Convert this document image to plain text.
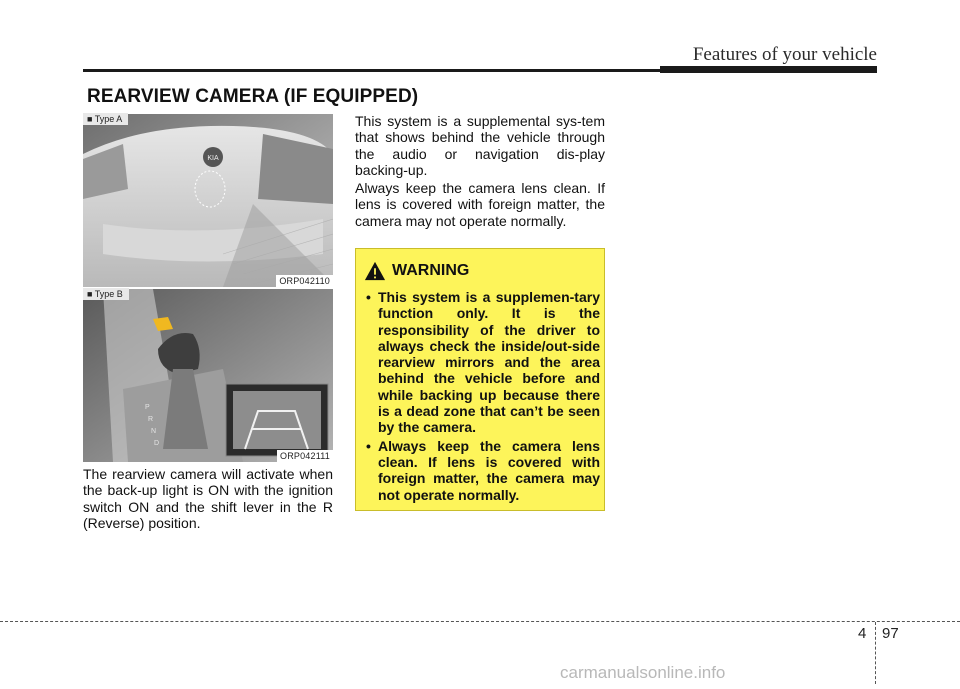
Features of your vehicle
REARVIEW CAMERA (IF EQUIPPED)
KIA
ORP042110
■ Type A
P
R
N
D
ORP042111
■ Type B
The rearview camera will activate when the back-up light is ON with the ignition switch ON and the shift lever in the R (Reverse) position.
This system is a supplemental sys-tem that shows behind the vehicle through the audio or navigation dis-play backing-up.
Always keep the camera lens clean. If lens is covered with foreign matter, the camera may not operate normally.
WARNING
• This system is a supplemen-tary function only. It is the responsibility of the driver to always check the inside/out-side rearview mirrors and the area behind the vehicle before and while backing up because there is a dead zone that can’t be seen by the camera.
• Always keep the camera lens clean. If lens is covered with foreign matter, the camera may not operate normally.
4 97
carmanualsonline.info
